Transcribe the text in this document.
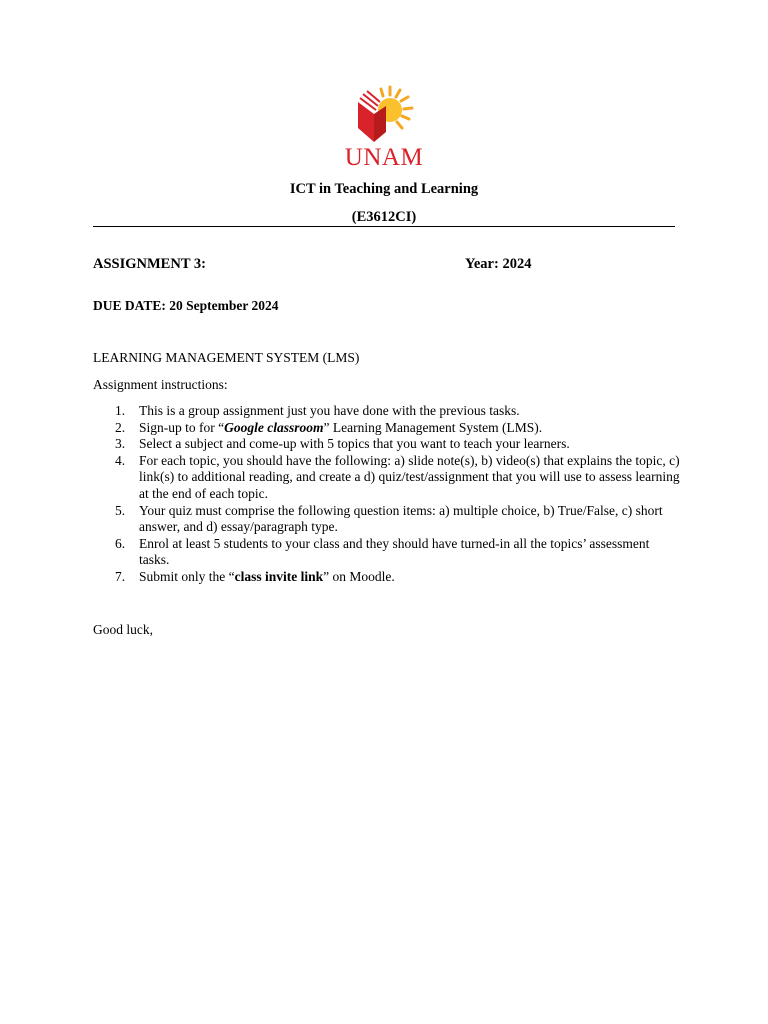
UNAM
ICT in Teaching and Learning
(E3612CI)
ASSIGNMENT 3:	Year: 2024
DUE DATE: 20 September 2024
LEARNING MANAGEMENT SYSTEM (LMS)
Assignment instructions:
1. This is a group assignment just you have done with the previous tasks.
2. Sign-up to for “Google classroom” Learning Management System (LMS).
3. Select a subject and come-up with 5 topics that you want to teach your learners.
4. For each topic, you should have the following: a) slide note(s), b) video(s) that explains the topic, c) link(s) to additional reading, and create a d) quiz/test/assignment that you will use to assess learning at the end of each topic.
5. Your quiz must comprise the following question items: a) multiple choice, b) True/False, c) short answer, and d) essay/paragraph type.
6. Enrol at least 5 students to your class and they should have turned-in all the topics’ assessment tasks.
7. Submit only the “class invite link” on Moodle.
Good luck,
